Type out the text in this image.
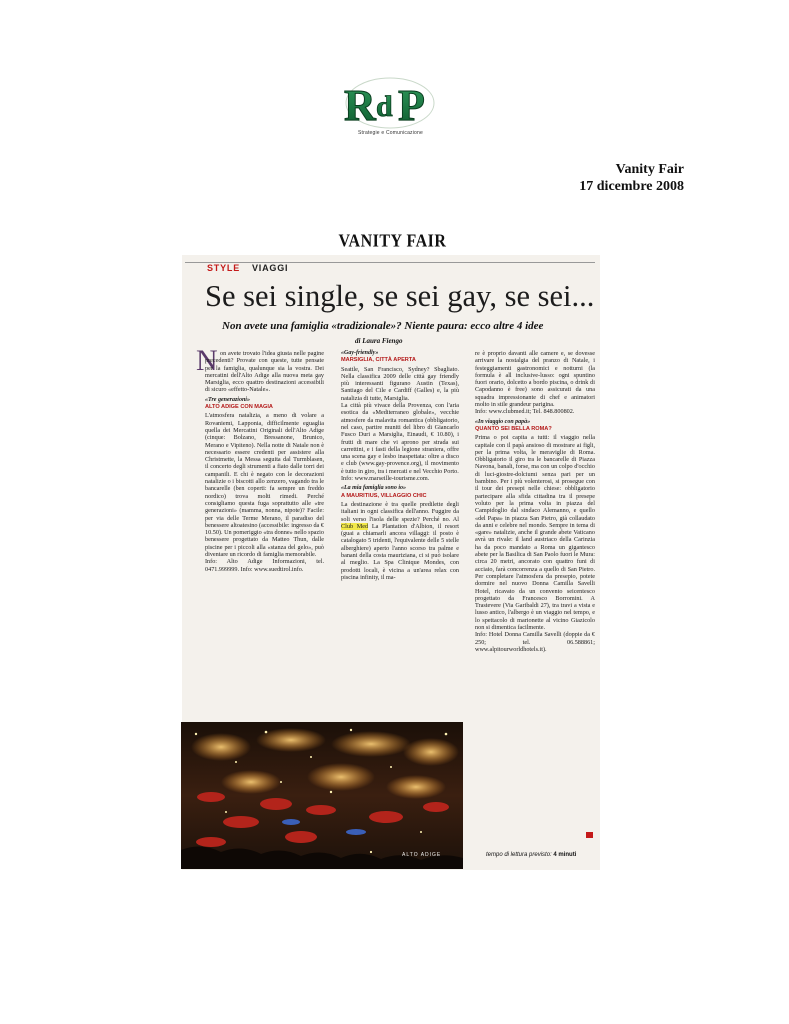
R d P
Strategie e Comunicazione
Vanity Fair
17 dicembre 2008
VANITY FAIR
STYLE VIAGGI
Se sei single, se sei gay, se sei...
Non avete una famiglia «tradizionale»? Niente paura: ecco altre 4 idee
di Laura Fiengo
N on avete trovato l'idea giusta nelle pagine precedenti? Provate con queste, tutte pensate per la famiglia, qualunque sia la vostra. Dei mercatini dell'Alto Adige alla nuova meta gay Marsiglia, ecco quattro destinazioni accessibili di sicuro «effetto-Natale».

«Tre generazioni»

ALTO ADIGE CON MAGIA

L'atmosfera natalizia, a meno di volare a Rovaniemi, Lapponia, difficilmente eguaglia quella dei Mercatini Originali dell'Alto Adige (cinque: Bolzano, Bressanone, Brunico, Merano e Vipiteno). Nella notte di Natale non è necessario essere credenti per assistere alla Christmette, la Messa seguita dal Turmblasen, il concerto degli strumenti a fiato dalle torri dei campanili. E chi è negato con le decorazioni natalizie o i biscotti allo zenzero, vagando tra le bancarelle (ben coperti: fa sempre un freddo nordico) trova molti rimedi. Perché consigliamo questa fuga soprattutto alle «tre generazioni» (mamma, nonna, nipote)? Facile: per via delle Terme Merano, il paradiso del benessere altoatesino (accessibile: ingresso da € 10.50). Un pomeriggio «tra donne» nello spazio benessere progettato da Matteo Thun, dalle piscine per i piccoli alla «stanza del gelo», può diventare un ricordo di famiglia memorabile.

Info: Alto Adige Informazioni, tel. 0471.999999. Info: www.suedtirol.info.

«Gay-friendly»

MARSIGLIA, CITTÀ APERTA

Seattle, San Francisco, Sydney? Sbagliato. Nella classifica 2009 delle città gay friendly più interessanti figurano Austin (Texas), Santiago del Cile e Cardiff (Galles) e, la più natalizia di tutte, Marsiglia.

La città più vivace della Provenza, con l'aria esotica da «Mediterraneo globale», vecchie atmosfere da malavita romantica (obbligatorio, nel caso, partire muniti del libro di Giancarlo Fusco Duri a Marsiglia, Einaudi, € 10.80), i frutti di mare che vi aprono per strada sui carrettini, e i fasti della legione straniera, offre una scena gay e lesbo inaspettata: oltre a disco e club (www.gay-provence.org), il movimento è tutto in giro, tra i mercati e nel Vecchio Porto.

Info: www.marseille-tourisme.com.

«La mia famiglia sono io»

A MAURITIUS, VILLAGGIO CHIC

La destinazione è tra quelle predilette degli italiani in ogni classifica dell'anno. Fuggire da soli verso l'isola delle spezie? Perché no. Al Club Med La Plantation d'Albion, il resort (guai a chiamarli ancora villaggi: il posto è catalogato 5 tridenti, l'equivalente delle 5 stelle alberghiere) aperto l'anno scorso tra palme e banani della costa mauriziana, ci si può isolare al meglio. La Spa Clinique Mondes, con prodotti locali, è vicina a un'area relax con piscina infinity, il ma-

re è proprio davanti alle camere e, se dovesse arrivare la nostalgia del pranzo di Natale, i festeggiamenti gastronomici e notturni (la formula è all inclusive-lusso: ogni spuntino fuori orario, dolcetto a bordo piscina, o drink di Capodanno è free) sono assicurati da una squadra impressionante di chef e animatori molto in stile grandeur parigina.

Info: www.clubmed.it; Tel. 848.800802.

«In viaggio con papà»

QUANTO SEI BELLA ROMA?

Prima o poi capita a tutti: il viaggio nella capitale con il papà ansioso di mostrare ai figli, per la prima volta, le meraviglie di Roma. Obbligatorio il giro tra le bancarelle di Piazza Navona, banali, forse, ma con un colpo d'occhio di luci-giostre-dolciumi senza pari per un bambino. Per i più volenterosi, si prosegue con il tour dei presepi nelle chiese: obbligatorio partecipare alla sfida cittadina tra il presepe voluto per la prima volta in piazza del Campidoglio dal sindaco Alemanno, e quello «del Papa» in piazza San Pietro, già collaudato da anni e celebre nel mondo. Sempre in tema di «gare» natalizie, anche il grande abete Vaticano avrà un rivale: il land austriaco della Carinzia ha da poco mandato a Roma un gigantesco abete per la Basilica di San Paolo fuori le Mura: circa 20 metri, ancorato con quattro funi di acciaio, farà concorrenza a quello di San Pietro. Per completare l'atmosfera da presepio, potete dormire nel nuovo Donna Camilla Savelli Hotel, ricavato da un convento seicentesco progettato da Francesco Borromini. A Trastevere (Via Garibaldi 27), tra travi a vista e lusso antico, l'albergo è un viaggio nel tempo, e lo spettacolo di marionette al vicino Giazicolo non si dimentica facilmente.

Info: Hotel Donna Camilla Savelli (doppie da € 250; tel. 06.588861; www.alpitourworldhotels.it).

ALTO ADIGE	tempo di lettura previsto: 4 minuti
